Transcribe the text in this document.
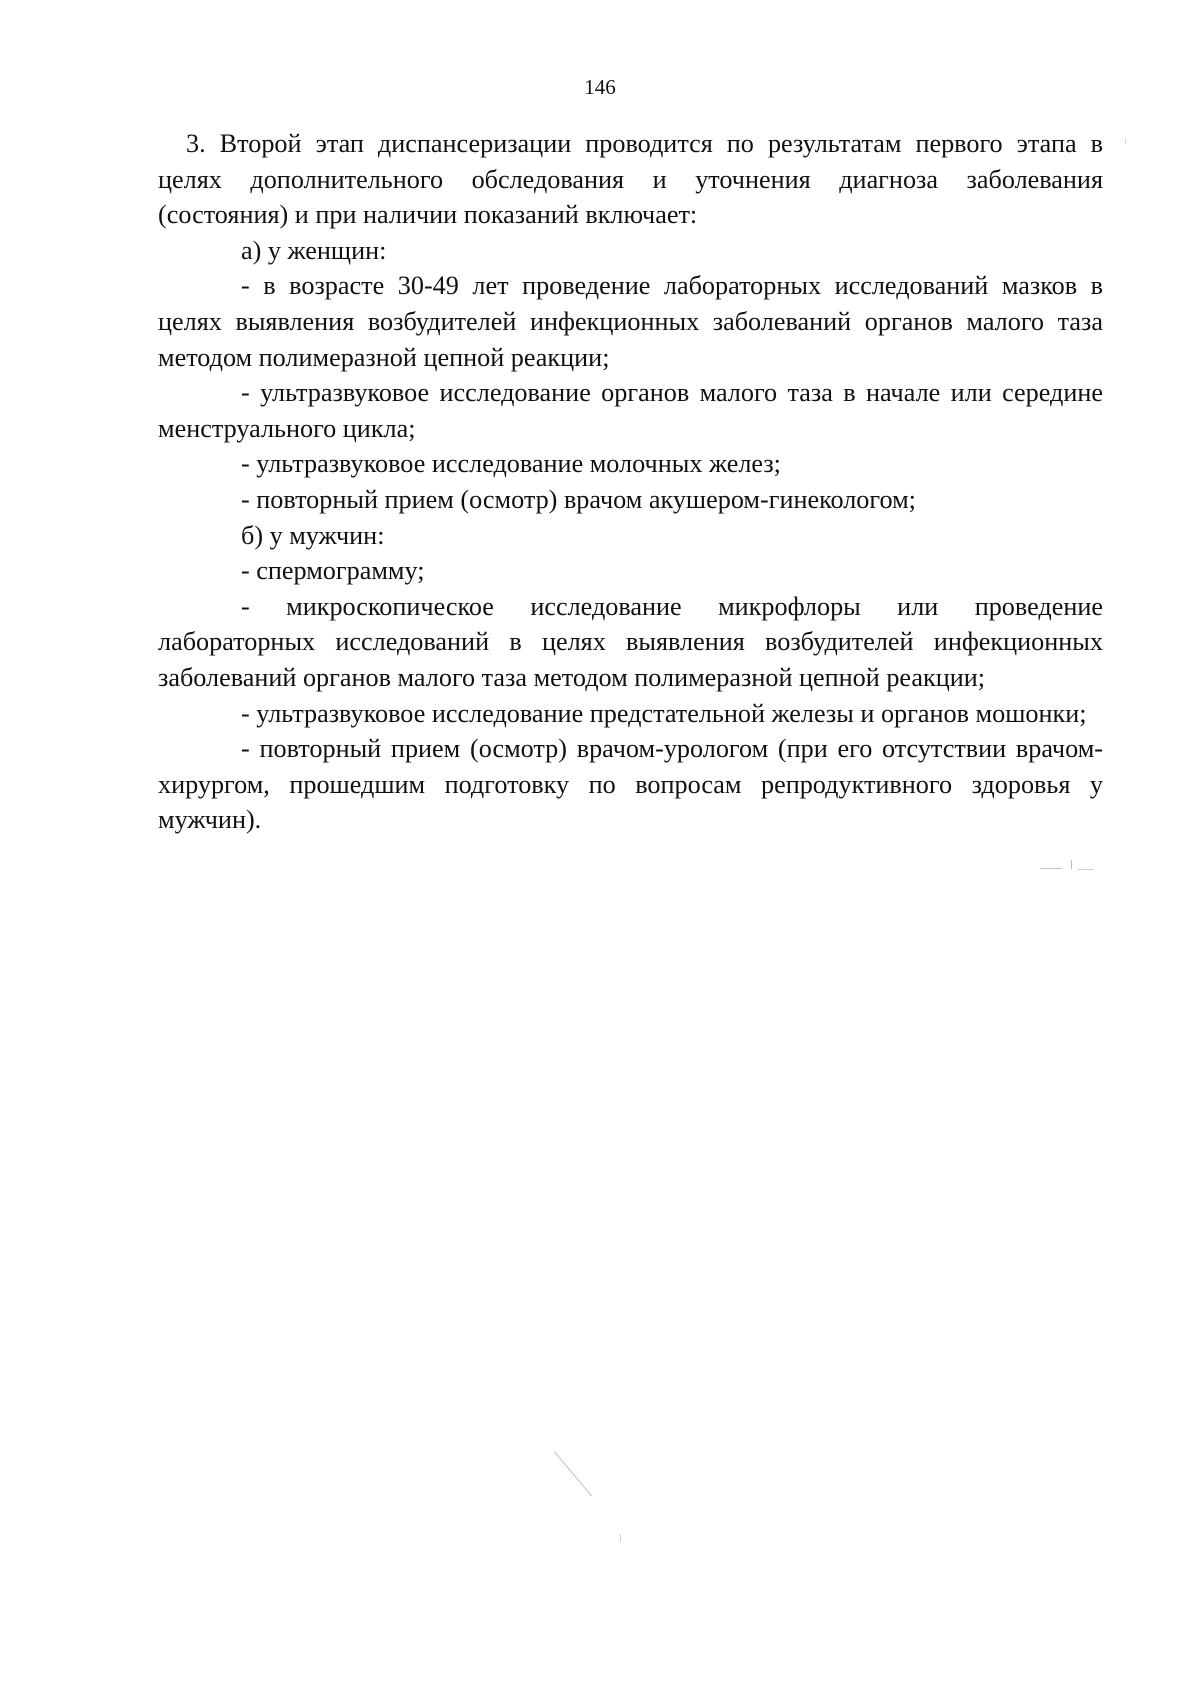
146

3. Второй этап диспансеризации проводится по результатам первого этапа в целях дополнительного обследования и уточнения диагноза заболевания (состояния) и при наличии показаний включает:

а) у женщин:

- в возрасте 30-49 лет проведение лабораторных исследований мазков в целях выявления возбудителей инфекционных заболеваний органов малого таза методом полимеразной цепной реакции;

- ультразвуковое исследование органов малого таза в начале или середине менструального цикла;

- ультразвуковое исследование молочных желез;

- повторный прием (осмотр) врачом акушером-гинекологом;

б) у мужчин:

- спермограмму;

- микроскопическое исследование микрофлоры или проведение лабораторных исследований в целях выявления возбудителей инфекционных заболеваний органов малого таза методом полимеразной цепной реакции;

- ультразвуковое исследование предстательной железы и органов мошонки;

- повторный прием (осмотр) врачом-урологом (при его отсутствии врачом-хирургом, прошедшим подготовку по вопросам репродуктивного здоровья у мужчин).
